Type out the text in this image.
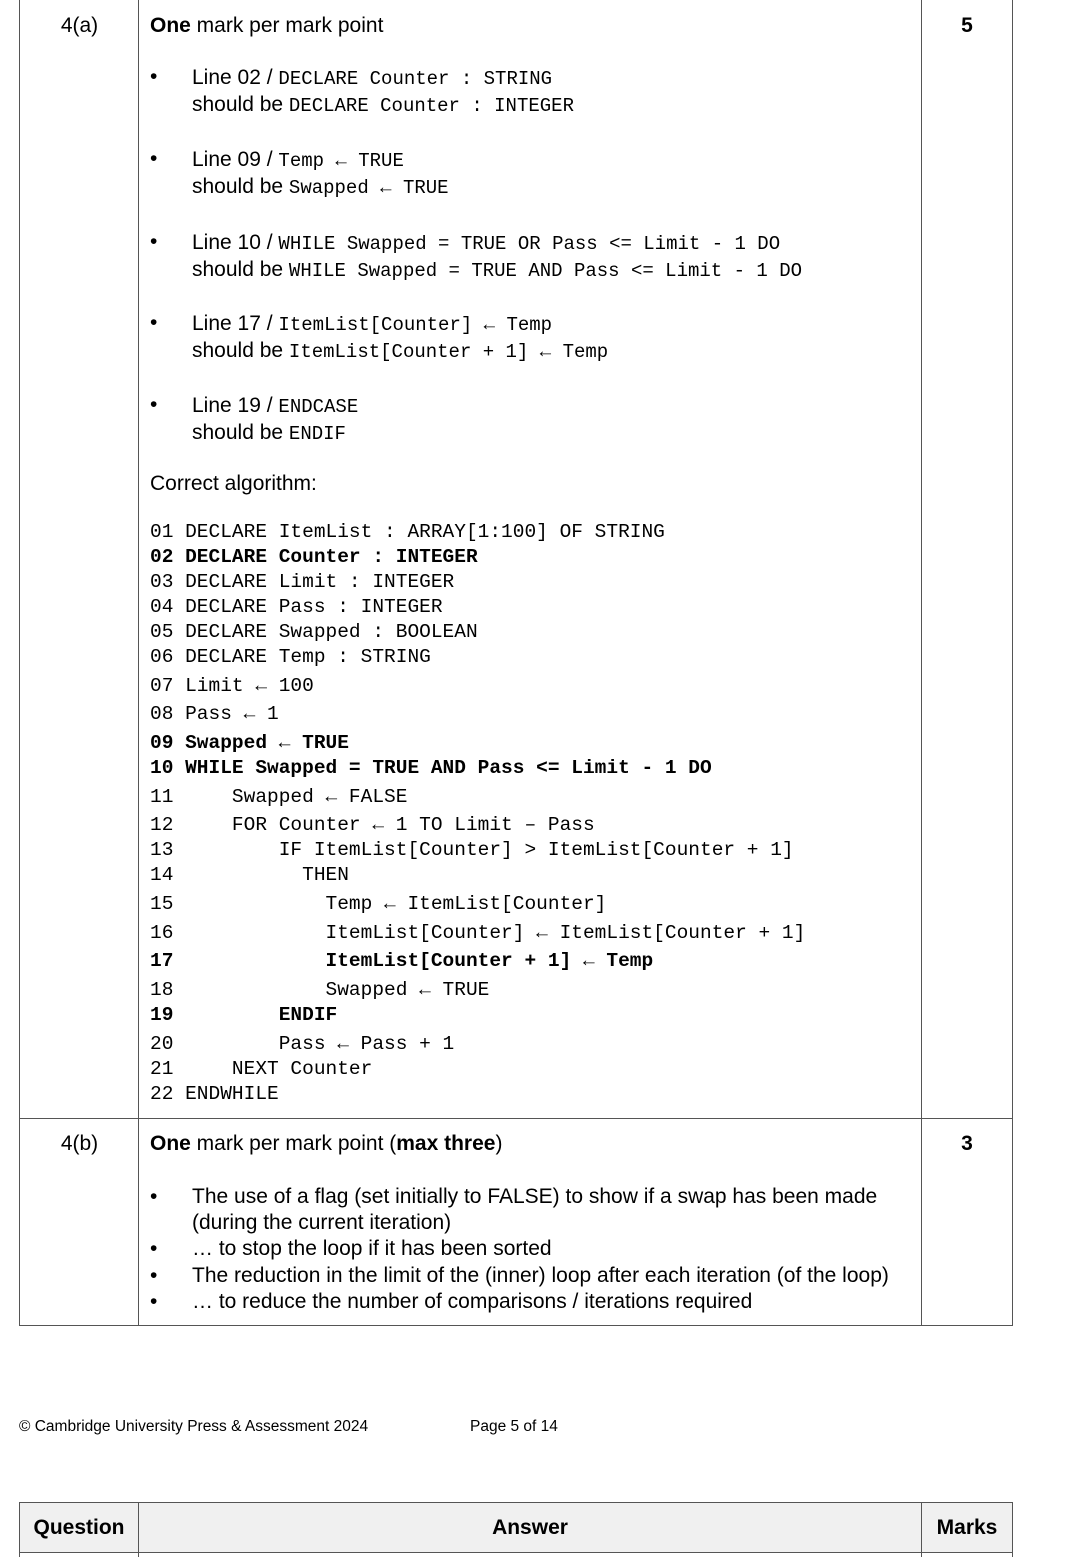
4(a)	5
One mark per mark point
• Line 02 / DECLARE Counter : STRING
should be DECLARE Counter : INTEGER
• Line 09 / Temp ← TRUE
should be Swapped ← TRUE
• Line 10 / WHILE Swapped = TRUE OR Pass <= Limit - 1 DO
should be WHILE Swapped = TRUE AND Pass <= Limit - 1 DO
• Line 17 / ItemList[Counter] ← Temp
should be ItemList[Counter + 1] ← Temp
• Line 19 / ENDCASE
should be ENDIF
Correct algorithm:
01 DECLARE ItemList : ARRAY[1:100] OF STRING
02 DECLARE Counter : INTEGER
03 DECLARE Limit : INTEGER
04 DECLARE Pass : INTEGER
05 DECLARE Swapped : BOOLEAN
06 DECLARE Temp : STRING
07 Limit ← 100
08 Pass ← 1
09 Swapped ← TRUE
10 WHILE Swapped = TRUE AND Pass <= Limit - 1 DO
11     Swapped ← FALSE
12     FOR Counter ← 1 TO Limit – Pass
13         IF ItemList[Counter] > ItemList[Counter + 1]
14           THEN
15             Temp ← ItemList[Counter]
16             ItemList[Counter] ← ItemList[Counter + 1]
17             ItemList[Counter + 1] ← Temp
18             Swapped ← TRUE
19         ENDIF
20         Pass ← Pass + 1
21     NEXT Counter
22 ENDWHILE
4(b)	3
One mark per mark point (max three)
• The use of a flag (set initially to FALSE) to show if a swap has been made (during the current iteration)
• … to stop the loop if it has been sorted
• The reduction in the limit of the (inner) loop after each iteration (of the loop)
• … to reduce the number of comparisons / iterations required
© Cambridge University Press & Assessment 2024	Page 5 of 14
Question	Answer	Marks
